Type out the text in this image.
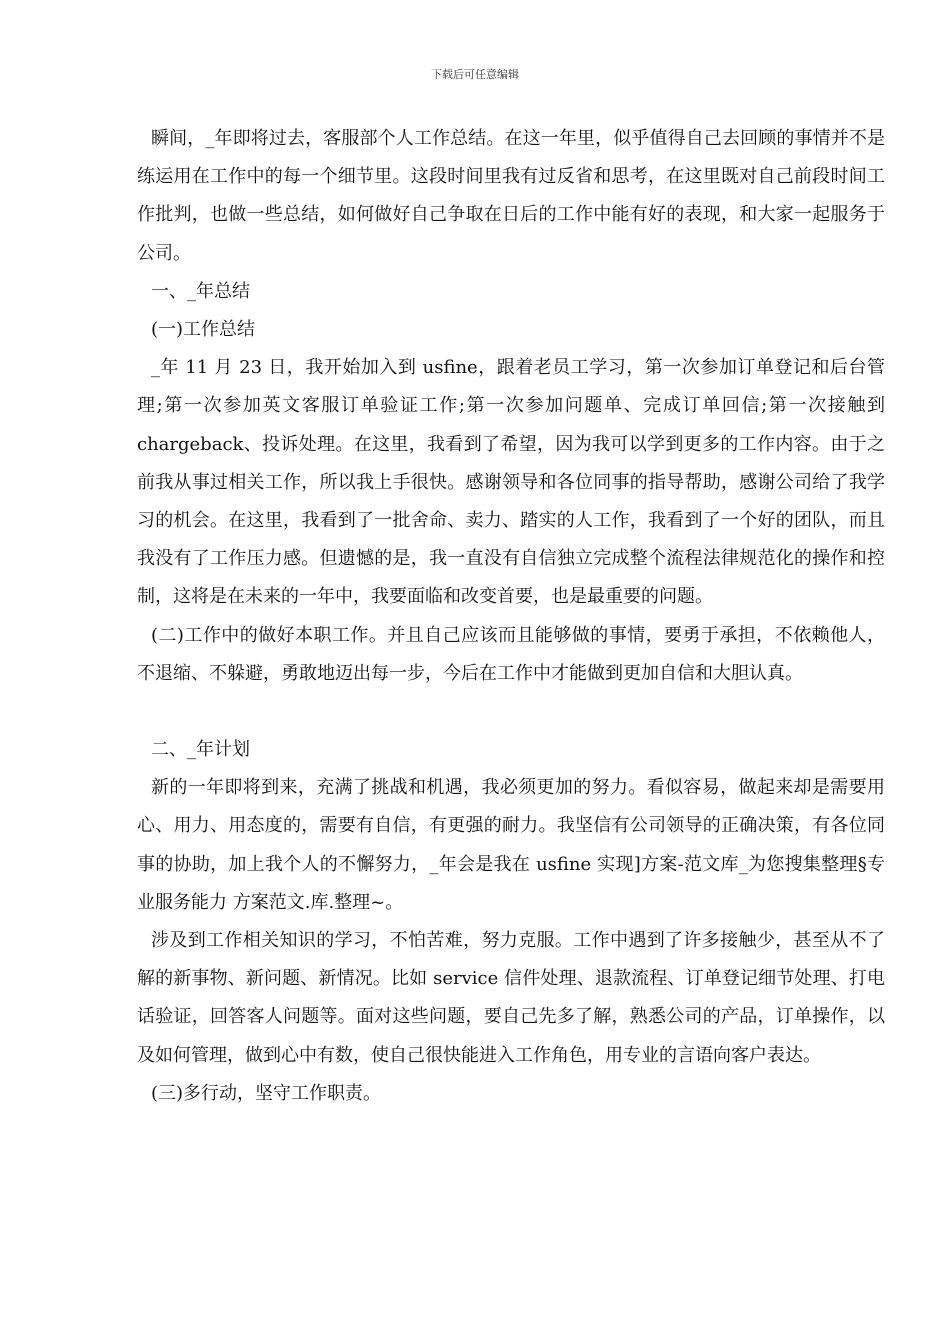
下载后可任意编辑

瞬间，_年即将过去，客服部个人工作总结。在这一年里，似乎值得自己去回顾的事情并不是练运用在工作中的每一个细节里。这段时间里我有过反省和思考，在这里既对自己前段时间工作批判，也做一些总结，如何做好自己争取在日后的工作中能有好的表现，和大家一起服务于公司。

一、_年总结

(一)工作总结

_年 11 月 23 日，我开始加入到 usfine，跟着老员工学习，第一次参加订单登记和后台管理;第一次参加英文客服订单验证工作;第一次参加问题单、完成订单回信;第一次接触到 chargeback、投诉处理。在这里，我看到了希望，因为我可以学到更多的工作内容。由于之前我从事过相关工作，所以我上手很快。感谢领导和各位同事的指导帮助，感谢公司给了我学习的机会。在这里，我看到了一批舍命、卖力、踏实的人工作，我看到了一个好的团队，而且我没有了工作压力感。但遗憾的是，我一直没有自信独立完成整个流程法律规范化的操作和控制，这将是在未来的一年中，我要面临和改变首要，也是最重要的问题。

(二)工作中的做好本职工作。并且自己应该而且能够做的事情，要勇于承担，不依赖他人，不退缩、不躲避，勇敢地迈出每一步，今后在工作中才能做到更加自信和大胆认真。

二、_年计划

新的一年即将到来，充满了挑战和机遇，我必须更加的努力。看似容易，做起来却是需要用心、用力、用态度的，需要有自信，有更强的耐力。我坚信有公司领导的正确决策，有各位同事的协助，加上我个人的不懈努力，_年会是我在 usfine 实现]方案-范文库_为您搜集整理§专业服务能力 方案范文.库.整理~。

涉及到工作相关知识的学习，不怕苦难，努力克服。工作中遇到了许多接触少，甚至从不了解的新事物、新问题、新情况。比如 service 信件处理、退款流程、订单登记细节处理、打电话验证，回答客人问题等。面对这些问题，要自己先多了解，熟悉公司的产品，订单操作，以及如何管理，做到心中有数，使自己很快能进入工作角色，用专业的言语向客户表达。

(三)多行动，坚守工作职责。
